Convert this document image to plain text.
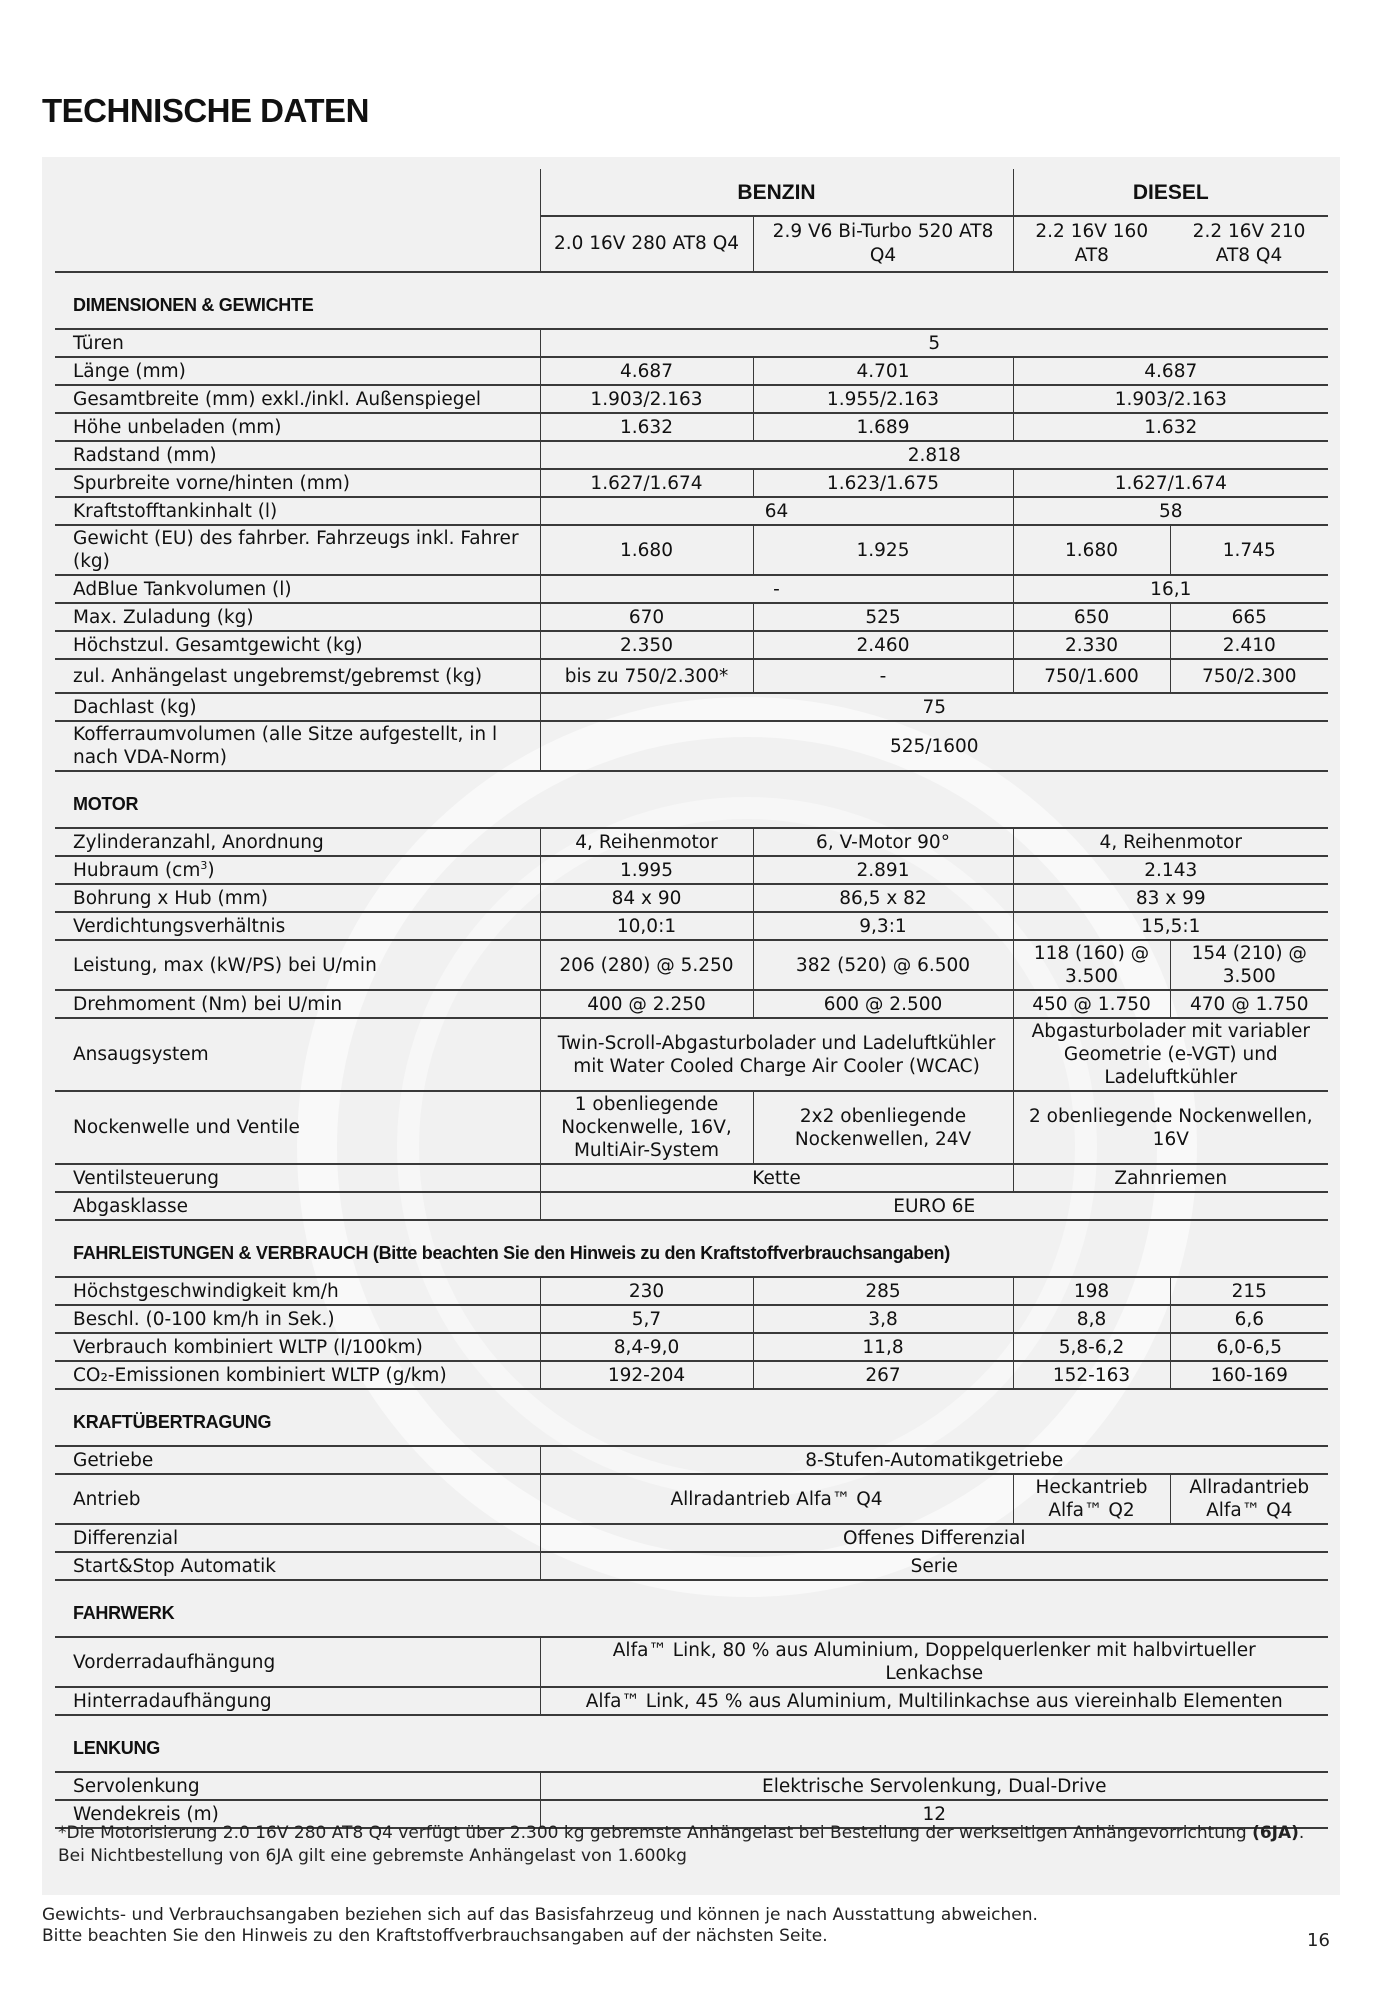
TECHNISCHE DATEN
	BENZIN		DIESEL	
	2.0 16V 280 AT8 Q4	2.9 V6 Bi-Turbo 520 AT8 Q4	2.2 16V 160 AT8	2.2 16V 210 AT8 Q4
DIMENSIONEN & GEWICHTE				
Türen	5			
Länge (mm)	4.687	4.701	4.687	
Gesamtbreite (mm) exkl./inkl. Außenspiegel	1.903/2.163	1.955/2.163	1.903/2.163	
Höhe unbeladen (mm)	1.632	1.689	1.632	
Radstand (mm)	2.818			
Spurbreite vorne/hinten (mm)	1.627/1.674	1.623/1.675	1.627/1.674	
Kraftstofftankinhalt (l)	64		58	
Gewicht (EU) des fahrber. Fahrzeugs inkl. Fahrer (kg)	1.680	1.925	1.680	1.745
AdBlue Tankvolumen (l)	-		16,1	
Max. Zuladung (kg)	670	525	650	665
Höchstzul. Gesamtgewicht (kg)	2.350	2.460	2.330	2.410
zul. Anhängelast ungebremst/gebremst (kg)	bis zu 750/2.300*	-	750/1.600	750/2.300
Dachlast (kg)	75			
Kofferraumvolumen (alle Sitze aufgestellt, in l nach VDA-Norm)	525/1600			
MOTOR				
Zylinderanzahl, Anordnung	4, Reihenmotor	6, V-Motor 90°	4, Reihenmotor	
Hubraum $(cm^3)$	1.995	2.891	2.143	
Bohrung x Hub (mm)	84 x 90	86,5 x 82	83 x 99	
Verdichtungsverhältnis	10,0:1	9,3:1	15,5:1	
Leistung, max (kW/PS) bei U/min	206 (280) @ 5.250	382 (520) @ 6.500	118 (160) @ 3.500	154 (210) @ 3.500
Drehmoment (Nm) bei U/min	400 @ 2.250	600 @ 2.500	450 @ 1.750	470 @ 1.750
Ansaugsystem	Twin-Scroll-Abgasturbolader und Ladeluftkühler mit Water Cooled Charge Air Cooler (WCAC)		Abgasturbolader mit variabler Geometrie (e-VGT) und Ladeluftkühler	
Nockenwelle und Ventile	1 obenliegende Nockenwelle, 16V, MultiAir-System	2x2 obenliegende Nockenwellen, 24V	2 obenliegende Nockenwellen, 16V	
Ventilsteuerung	Kette		Zahnriemen	
Abgasklasse	EURO 6E			
FAHRLEISTUNGEN & VERBRAUCH (Bitte beachten Sie den Hinweis zu den Kraftstoffverbrauchsangaben)				
Höchstgeschwindigkeit km/h	230	285	198	215
Beschl. (0-100 km/h in Sek.)	5,7	3,8	8,8	6,6
Verbrauch kombiniert WLTP (l/100km)	8,4-9,0	11,8	5,8-6,2	6,0-6,5
CO₂-Emissionen kombiniert WLTP (g/km)	192-204	267	152-163	160-169
KRAFTÜBERTRAGUNG				
Getriebe	8-Stufen-Automatikgetriebe			
Antrieb	Allradantrieb Alfa™ Q4		Heckantrieb Alfa™ Q2	Allradantrieb Alfa™ Q4
Differenzial	Offenes Differenzial			
Start&Stop Automatik	Serie			
FAHRWERK				
Vorderradaufhängung	Alfa™ Link, 80 % aus Aluminium, Doppelquerlenker mit halbvirtueller Lenkachse			
Hinterradaufhängung	Alfa™ Link, 45 % aus Aluminium, Multilinkachse aus viereinhalb Elementen			
LENKUNG				
Servolenkung	Elektrische Servolenkung, Dual-Drive			
Wendekreis (m)	12			
*Die Motorisierung 2.0 16V 280 AT8 Q4 verfügt über 2.300 kg gebremste Anhängelast bei Bestellung der werkseitigen Anhängevorrichtung (6JA). Bei Nichtbestellung von 6JA gilt eine gebremste Anhängelast von 1.600kg
Gewichts- und Verbrauchsangaben beziehen sich auf das Basisfahrzeug und können je nach Ausstattung abweichen.
Bitte beachten Sie den Hinweis zu den Kraftstoffverbrauchsangaben auf der nächsten Seite.	16
